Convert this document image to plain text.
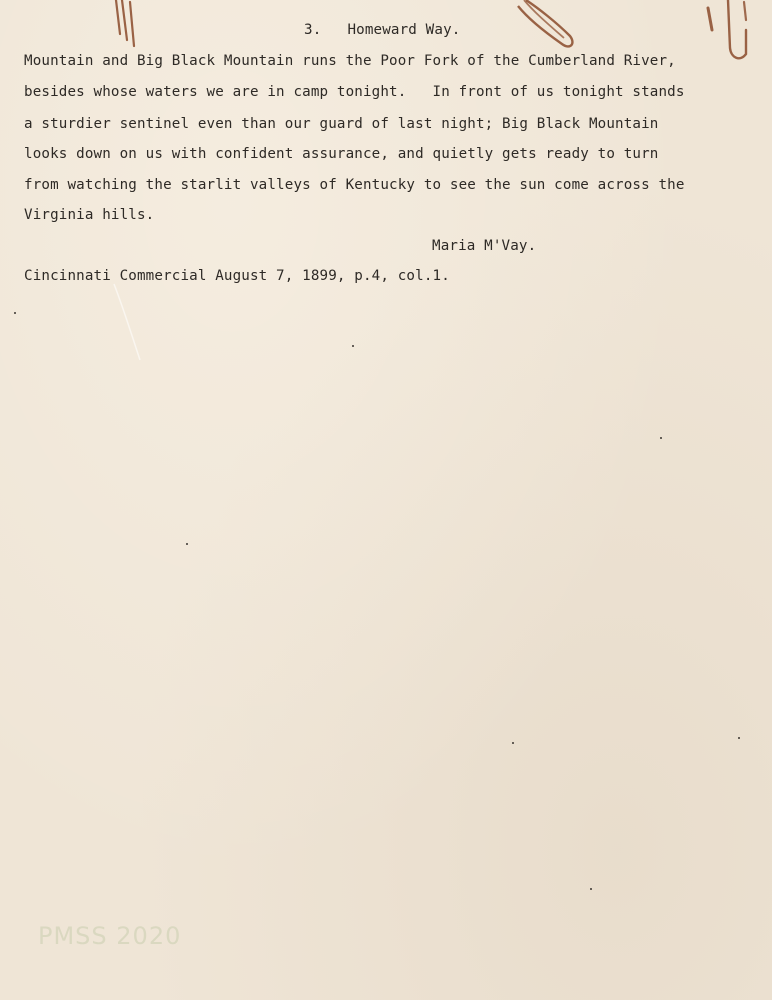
3.   Homeward Way.
Mountain and Big Black Mountain runs the Poor Fork of the Cumberland River,
besides whose waters we are in camp tonight.   In front of us tonight stands
a sturdier sentinel even than our guard of last night; Big Black Mountain
looks down on us with confident assurance, and quietly gets ready to turn
from watching the starlit valleys of Kentucky to see the sun come across the
Virginia hills.
Maria M'Vay.
Cincinnati Commercial August 7, 1899, p.4, col.1.
PMSS 2020
